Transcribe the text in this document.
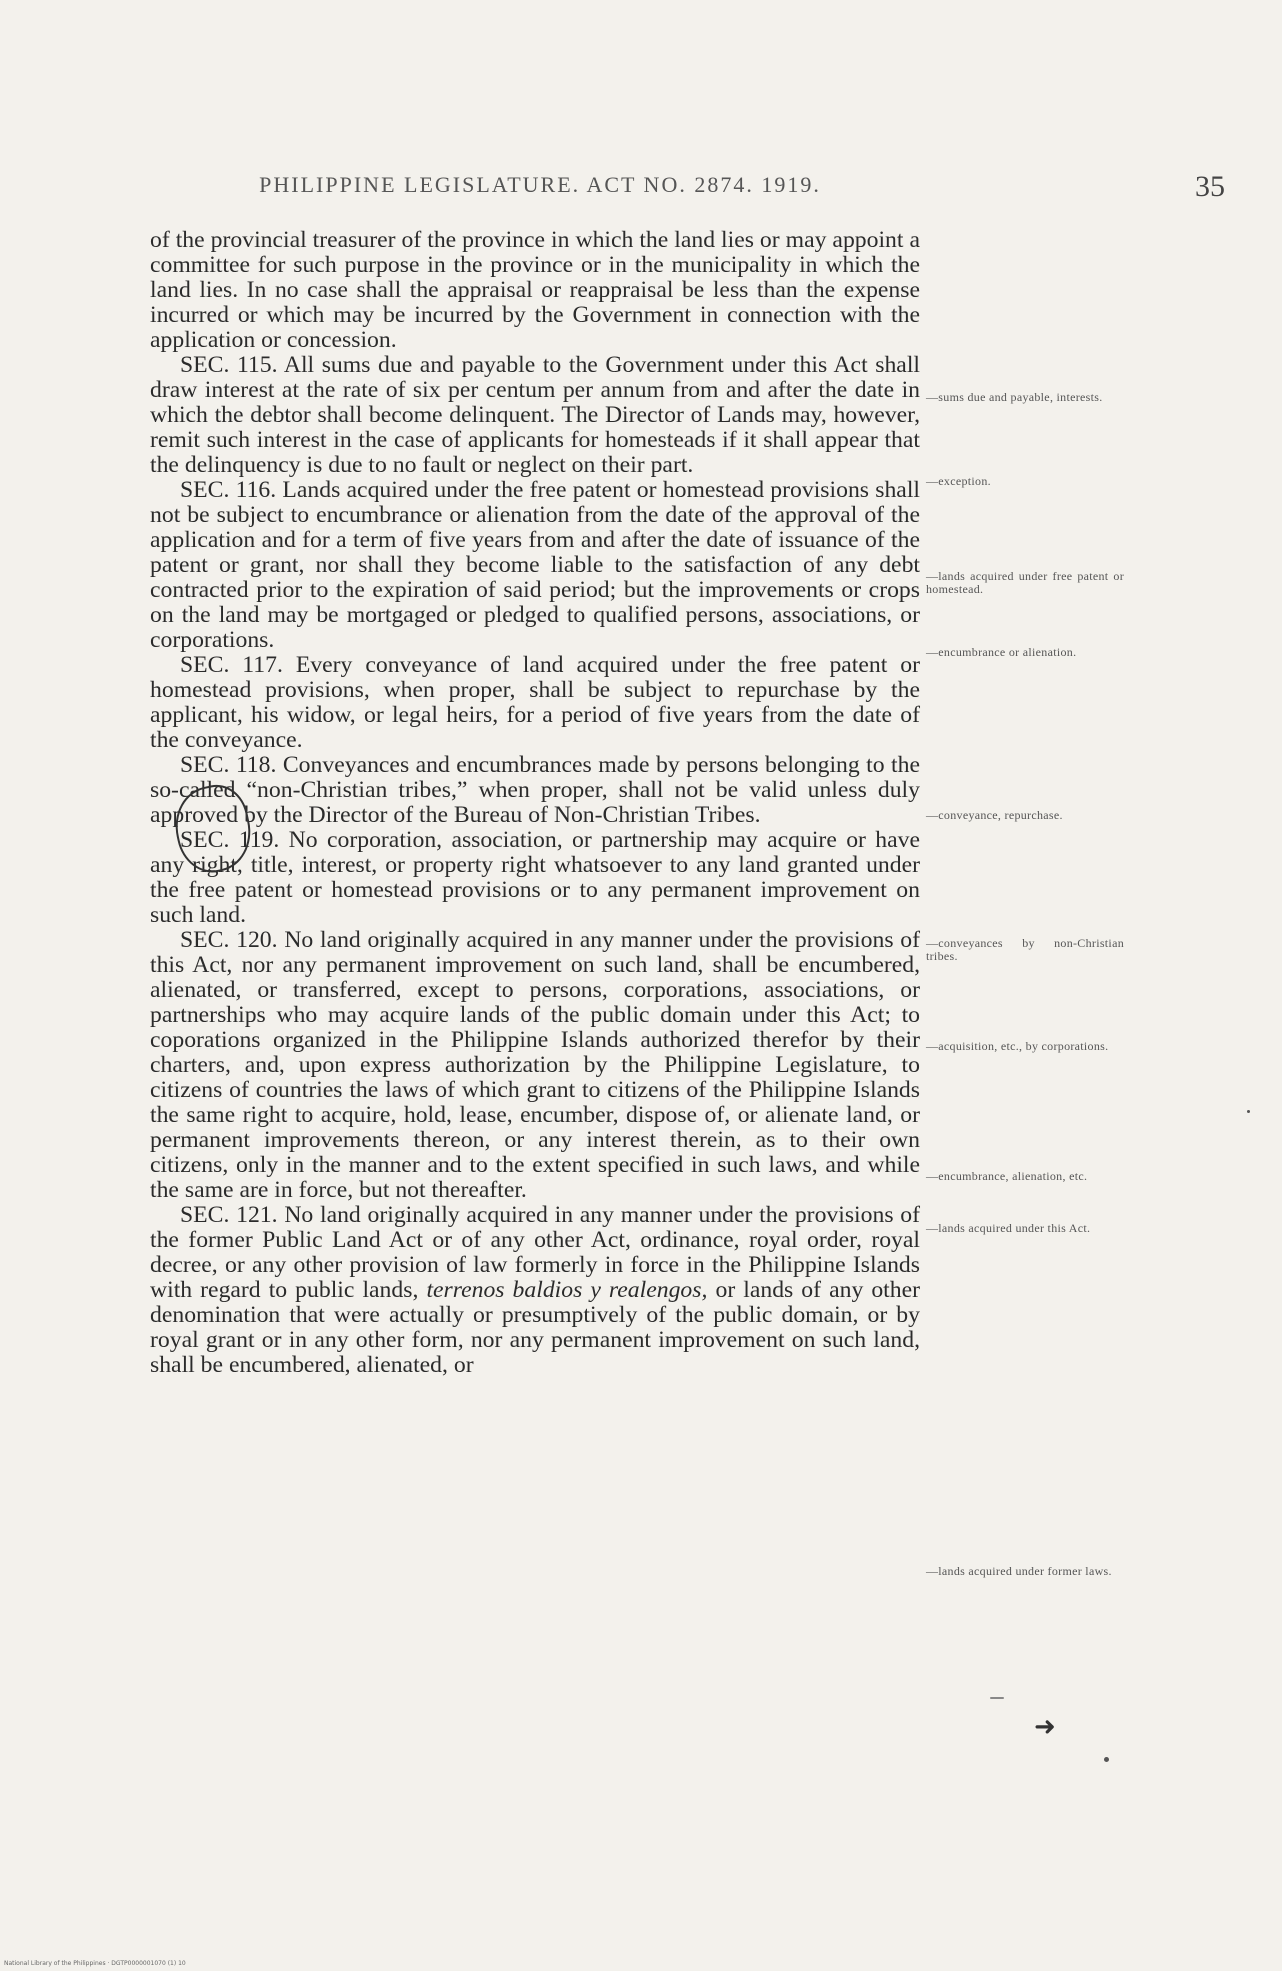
PHILIPPINE LEGISLATURE. ACT NO. 2874. 1919.	35

of the provincial treasurer of the province in which the land lies or may appoint a committee for such purpose in the province or in the municipality in which the land lies. In no case shall the appraisal or reappraisal be less than the expense incurred or which may be incurred by the Government in connection with the application or concession.

SEC. 115. All sums due and payable to the Government under this Act shall draw interest at the rate of six per centum per annum from and after the date in which the debtor shall become delinquent. The Director of Lands may, however, remit such interest in the case of applicants for homesteads if it shall appear that the delinquency is due to no fault or neglect on their part.

SEC. 116. Lands acquired under the free patent or homestead provisions shall not be subject to encumbrance or alienation from the date of the approval of the application and for a term of five years from and after the date of issuance of the patent or grant, nor shall they become liable to the satisfaction of any debt contracted prior to the expiration of said period; but the improvements or crops on the land may be mortgaged or pledged to qualified persons, associations, or corporations.

SEC. 117. Every conveyance of land acquired under the free patent or homestead provisions, when proper, shall be subject to repurchase by the applicant, his widow, or legal heirs, for a period of five years from the date of the conveyance.

SEC. 118. Conveyances and encumbrances made by persons belonging to the so-called “non-Christian tribes,” when proper, shall not be valid unless duly approved by the Director of the Bureau of Non-Christian Tribes.

SEC. 119. No corporation, association, or partnership may acquire or have any right, title, interest, or property right whatsoever to any land granted under the free patent or homestead provisions or to any permanent improvement on such land.

SEC. 120. No land originally acquired in any manner under the provisions of this Act, nor any permanent improvement on such land, shall be encumbered, alienated, or transferred, except to persons, corporations, associations, or partnerships who may acquire lands of the public domain under this Act; to coporations organized in the Philippine Islands authorized therefor by their charters, and, upon express authorization by the Philippine Legislature, to citizens of countries the laws of which grant to citizens of the Philippine Islands the same right to acquire, hold, lease, encumber, dispose of, or alienate land, or permanent improvements thereon, or any interest therein, as to their own citizens, only in the manner and to the extent specified in such laws, and while the same are in force, but not thereafter.

SEC. 121. No land originally acquired in any manner under the provisions of the former Public Land Act or of any other Act, ordinance, royal order, royal decree, or any other provision of law formerly in force in the Philippine Islands with regard to public lands, terrenos baldios y realengos, or lands of any other denomination that were actually or presumptively of the public domain, or by royal grant or in any other form, nor any permanent improvement on such land, shall be encumbered, alienated, or

—sums due and payable, interests.
—exception.
—lands acquired under free patent or homestead.
—encumbrance or alienation.
—conveyance, repurchase.
—conveyances by non-Christian tribes.
—acquisition, etc., by corporations.
—encumbrance, alienation, etc.
—lands acquired under this Act.
—lands acquired under former laws.
➜
National Library of the Philippines · DGTP0000001070 (1) 10
